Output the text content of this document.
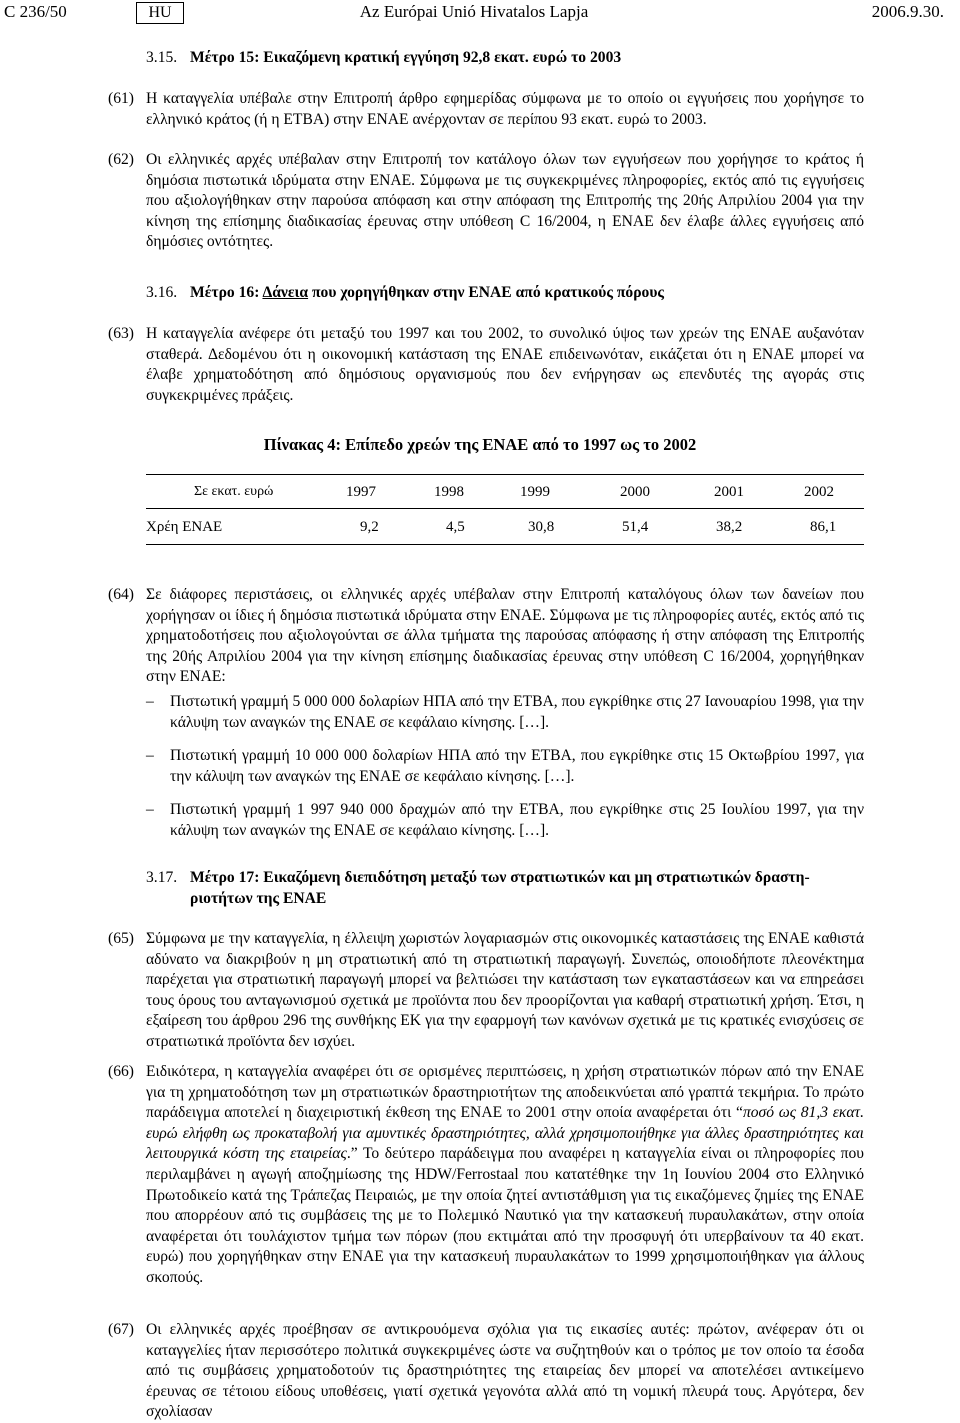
C 236/50	HU	Az Európai Unió Hivatalos Lapja	2006.9.30.
3.15. Μέτρο 15: Εικαζόμενη κρατική εγγύηση 92,8 εκατ. ευρώ το 2003
(61) Η καταγγελία υπέβαλε στην Επιτροπή άρθρο εφημερίδας σύμφωνα με το οποίο οι εγγυήσεις που χορήγησε το ελληνικό κράτος (ή η ΕΤΒΑ) στην ΕΝΑΕ ανέρχονταν σε περίπου 93 εκατ. ευρώ το 2003.
(62) Οι ελληνικές αρχές υπέβαλαν στην Επιτροπή τον κατάλογο όλων των εγγυήσεων που χορήγησε το κράτος ή δημόσια πιστωτικά ιδρύματα στην ΕΝΑΕ. Σύμφωνα με τις συγκεκριμένες πληροφορίες, εκτός από τις εγγυήσεις που αξιολογήθηκαν στην παρούσα απόφαση και στην απόφαση της Επιτροπής της 20ής Απριλίου 2004 για την κίνηση της επίσημης διαδικασίας έρευνας στην υπόθεση C 16/2004, η ΕΝΑΕ δεν έλαβε άλλες εγγυήσεις από δημόσιες οντότητες.
3.16. Μέτρο 16: Δάνεια που χορηγήθηκαν στην ΕΝΑΕ από κρατικούς πόρους
(63) Η καταγγελία ανέφερε ότι μεταξύ του 1997 και του 2002, το συνολικό ύψος των χρεών της ΕΝΑΕ αυξανόταν σταθερά. Δεδομένου ότι η οικονομική κατάσταση της ΕΝΑΕ επιδεινωνόταν, εικάζεται ότι η ΕΝΑΕ μπορεί να έλαβε χρηματοδότηση από δημόσιους οργανισμούς που δεν ενήργησαν ως επενδυτές της αγοράς στις συγκεκριμένες πράξεις.
Πίνακας 4: Επίπεδο χρεών της ΕΝΑΕ από το 1997 ως το 2002
Σε εκατ. ευρώ	1997	1998	1999	2000	2001	2002
Χρέη ΕΝΑΕ	9,2	4,5	30,8	51,4	38,2	86,1
(64) Σε διάφορες περιστάσεις, οι ελληνικές αρχές υπέβαλαν στην Επιτροπή καταλόγους όλων των δανείων που χορήγησαν οι ίδιες ή δημόσια πιστωτικά ιδρύματα στην ΕΝΑΕ. Σύμφωνα με τις πληροφορίες αυτές, εκτός από τις χρηματοδοτήσεις που αξιολογούνται σε άλλα τμήματα της παρούσας απόφασης ή στην απόφαση της Επιτροπής της 20ής Απριλίου 2004 για την κίνηση επίσημης διαδικασίας έρευνας στην υπόθεση C 16/2004, χορηγήθηκαν στην ΕΝΑΕ:
– Πιστωτική γραμμή 5 000 000 δολαρίων ΗΠΑ από την ΕΤΒΑ, που εγκρίθηκε στις 27 Ιανουαρίου 1998, για την κάλυψη των αναγκών της ΕΝΑΕ σε κεφάλαιο κίνησης. […].
– Πιστωτική γραμμή 10 000 000 δολαρίων ΗΠΑ από την ΕΤΒΑ, που εγκρίθηκε στις 15 Οκτωβρίου 1997, για την κάλυψη των αναγκών της ΕΝΑΕ σε κεφάλαιο κίνησης. […].
– Πιστωτική γραμμή 1 997 940 000 δραχμών από την ΕΤΒΑ, που εγκρίθηκε στις 25 Ιουλίου 1997, για την κάλυψη των αναγκών της ΕΝΑΕ σε κεφάλαιο κίνησης. […].
3.17. Μέτρο 17: Εικαζόμενη διεπιδότηση μεταξύ των στρατιωτικών και μη στρατιωτικών δραστη-
ριοτήτων της ΕΝΑΕ
(65) Σύμφωνα με την καταγγελία, η έλλειψη χωριστών λογαριασμών στις οικονομικές καταστάσεις της ΕΝΑΕ καθιστά αδύνατο να διακριβούν η μη στρατιωτική από τη στρατιωτική παραγωγή. Συνεπώς, οποιοδήποτε πλεονέκτημα παρέχεται για στρατιωτική παραγωγή μπορεί να βελτιώσει την κατάσταση των εγκαταστάσεων και να επηρεάσει τους όρους του ανταγωνισμού σχετικά με προϊόντα που δεν προορίζονται για καθαρή στρατιωτική χρήση. Έτσι, η εξαίρεση του άρθρου 296 της συνθήκης ΕΚ για την εφαρμογή των κανόνων σχετικά με τις κρατικές ενισχύσεις σε στρατιωτικά προϊόντα δεν ισχύει.
(66) Ειδικότερα, η καταγγελία αναφέρει ότι σε ορισμένες περιπτώσεις, η χρήση στρατιωτικών πόρων από την ΕΝΑΕ για τη χρηματοδότηση των μη στρατιωτικών δραστηριοτήτων της αποδεικνύεται από γραπτά τεκμήρια. Το πρώτο παράδειγμα αποτελεί η διαχειριστική έκθεση της ΕΝΑΕ το 2001 στην οποία αναφέρεται ότι “ποσό ως 81,3 εκατ. ευρώ ελήφθη ως προκαταβολή για αμυντικές δραστηριότητες, αλλά χρησιμοποιήθηκε για άλλες δραστηριότητες και λειτουργικά κόστη της εταιρείας.” Το δεύτερο παράδειγμα που αναφέρει η καταγγελία είναι οι πληροφορίες που περιλαμβάνει η αγωγή αποζημίωσης της HDW/Ferrostaal που κατατέθηκε την 1η Ιουνίου 2004 στο Ελληνικό Πρωτοδικείο κατά της Τράπεζας Πειραιώς, με την οποία ζητεί αντιστάθμιση για τις εικαζόμενες ζημίες της ΕΝΑΕ που απορρέουν από τις συμβάσεις της με το Πολεμικό Ναυτικό για την κατασκευή πυραυλακάτων, στην οποία αναφέρεται ότι τουλάχιστον τμήμα των πόρων (που εκτιμάται από την προσφυγή ότι υπερβαίνουν τα 40 εκατ. ευρώ) που χορηγήθηκαν στην ΕΝΑΕ για την κατασκευή πυραυλακάτων το 1999 χρησιμοποιήθηκαν για άλλους σκοπούς.
(67) Οι ελληνικές αρχές προέβησαν σε αντικρουόμενα σχόλια για τις εικασίες αυτές: πρώτον, ανέφεραν ότι οι καταγγελίες ήταν περισσότερο πολιτικά συγκεκριμένες ώστε να συζητηθούν και ο τρόπος με τον οποίο τα έσοδα από τις συμβάσεις χρηματοδοτούν τις δραστηριότητες της εταιρείας δεν μπορεί να αποτελέσει αντικείμενο έρευνας σε τέτοιου είδους υποθέσεις, γιατί σχετικά γεγονότα αλλά από τη νομική πλευρά τους. Αργότερα, δεν σχολίασαν
